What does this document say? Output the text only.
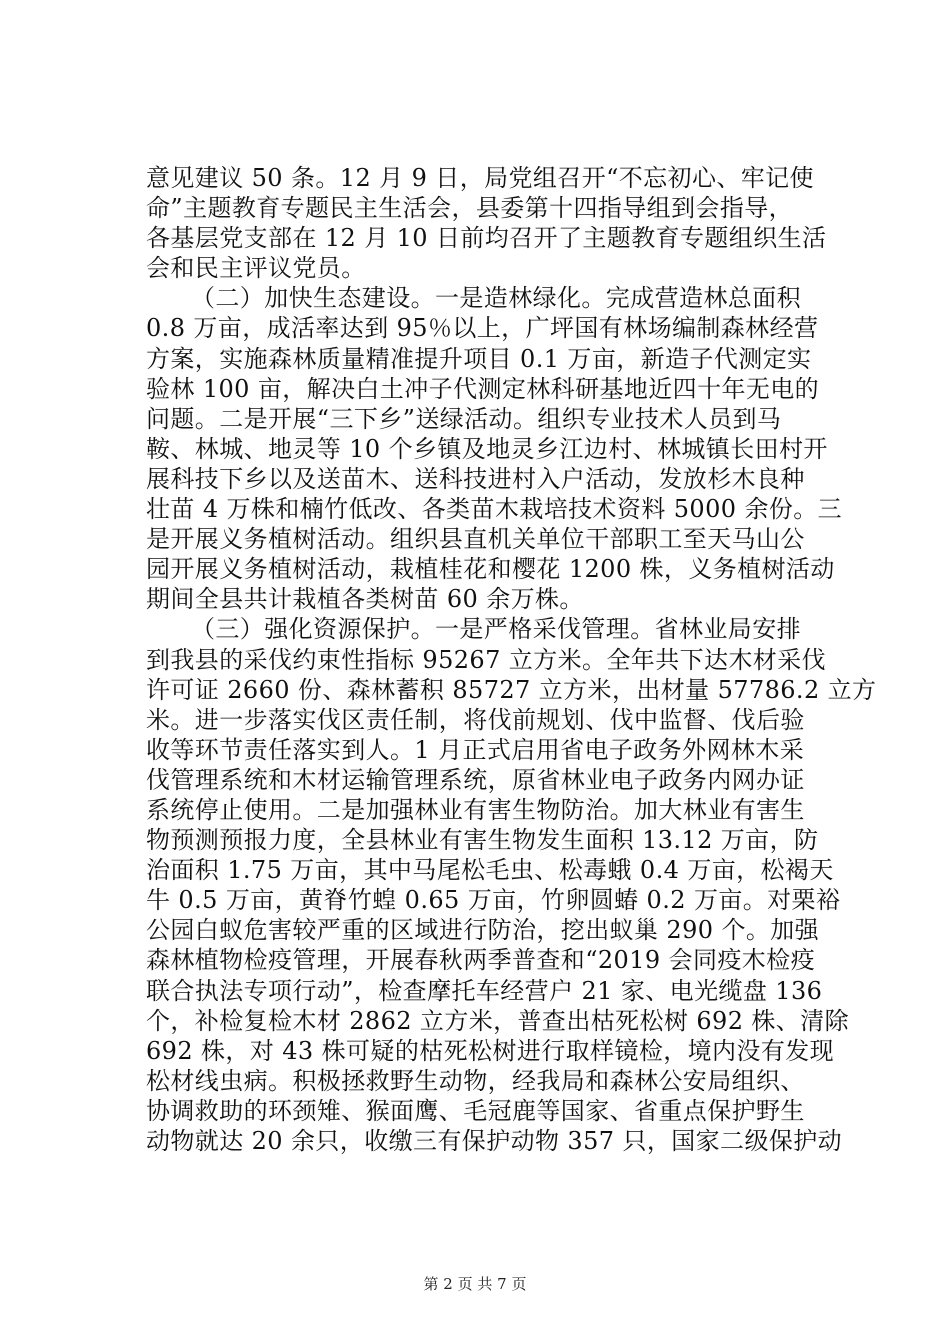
意见建议 50 条。12 月 9 日，局党组召开“不忘初心、牢记使
命”主题教育专题民主生活会，县委第十四指导组到会指导，
各基层党支部在 12 月 10 日前均召开了主题教育专题组织生活
会和民主评议党员。
（二）加快生态建设。一是造林绿化。完成营造林总面积
0.8 万亩，成活率达到 95％以上，广坪国有林场编制森林经营
方案，实施森林质量精准提升项目 0.1 万亩，新造子代测定实
验林 100 亩，解决白土冲子代测定林科研基地近四十年无电的
问题。二是开展“三下乡”送绿活动。组织专业技术人员到马
鞍、林城、地灵等 10 个乡镇及地灵乡江边村、林城镇长田村开
展科技下乡以及送苗木、送科技进村入户活动，发放杉木良种
壮苗 4 万株和楠竹低改、各类苗木栽培技术资料 5000 余份。三
是开展义务植树活动。组织县直机关单位干部职工至天马山公
园开展义务植树活动，栽植桂花和樱花 1200 株，义务植树活动
期间全县共计栽植各类树苗 60 余万株。
（三）强化资源保护。一是严格采伐管理。省林业局安排
到我县的采伐约束性指标 95267 立方米。全年共下达木材采伐
许可证 2660 份、森林蓄积 85727 立方米，出材量 57786.2 立方
米。进一步落实伐区责任制，将伐前规划、伐中监督、伐后验
收等环节责任落实到人。1 月正式启用省电子政务外网林木采
伐管理系统和木材运输管理系统，原省林业电子政务内网办证
系统停止使用。二是加强林业有害生物防治。加大林业有害生
物预测预报力度，全县林业有害生物发生面积 13.12 万亩，防
治面积 1.75 万亩，其中马尾松毛虫、松毒蛾 0.4 万亩，松褐天
牛 0.5 万亩，黄脊竹蝗 0.65 万亩，竹卵圆蝽 0.2 万亩。对栗裕
公园白蚁危害较严重的区域进行防治，挖出蚁巢 290 个。加强
森林植物检疫管理，开展春秋两季普查和“2019 会同疫木检疫
联合执法专项行动”，检查摩托车经营户 21 家、电光缆盘 136
个，补检复检木材 2862 立方米，普查出枯死松树 692 株、清除
692 株，对 43 株可疑的枯死松树进行取样镜检，境内没有发现
松材线虫病。积极拯救野生动物，经我局和森林公安局组织、
协调救助的环颈雉、猴面鹰、毛冠鹿等国家、省重点保护野生
动物就达 20 余只，收缴三有保护动物 357 只，国家二级保护动
第 2 页 共 7 页
